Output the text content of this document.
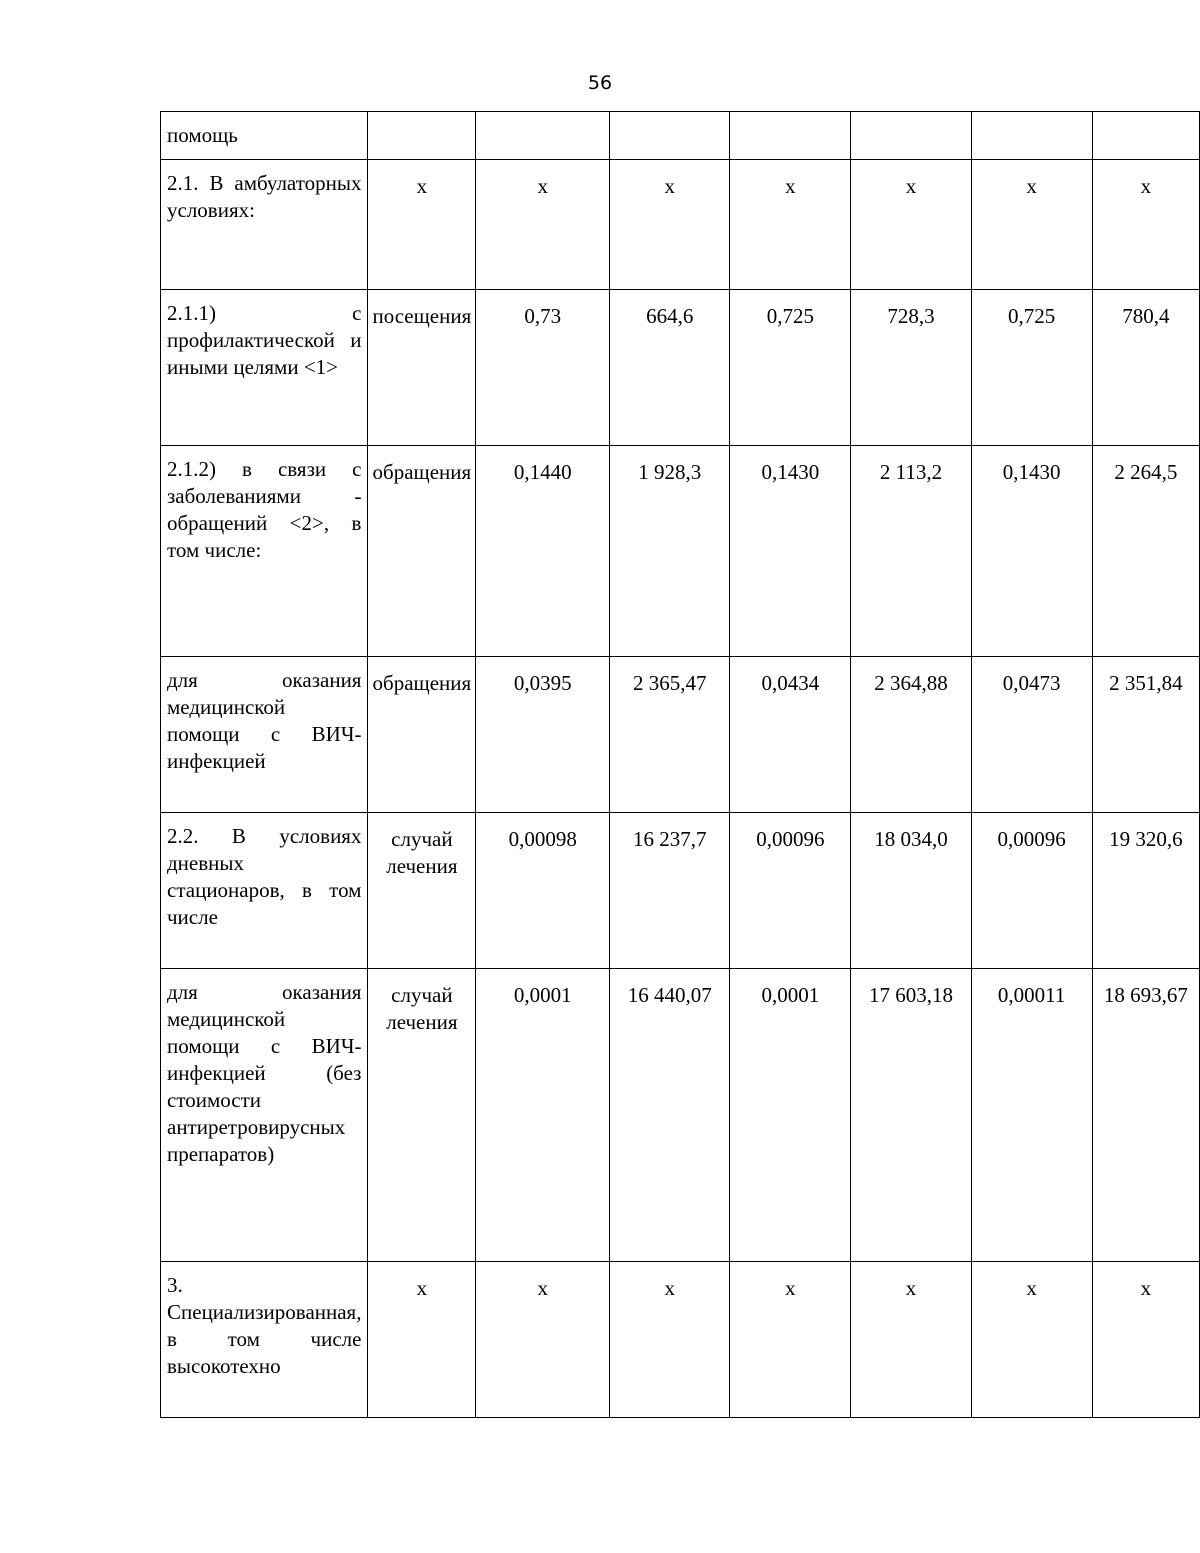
56
помощь							
2.1. В амбулаторных условиях:	х	х	х	х	х	х	х
2.1.1) с профилактической и иными целями <1>	посещения	0,73	664,6	0,725	728,3	0,725	780,4
2.1.2) в связи с заболеваниями - обращений <2>, в том числе:	обращения	0,1440	1 928,3	0,1430	2 113,2	0,1430	2 264,5
для оказания медицинской помощи с ВИЧ-инфекцией	обращения	0,0395	2 365,47	0,0434	2 364,88	0,0473	2 351,84
2.2. В условиях дневных стационаров, в том числе	случай лечения	0,00098	16 237,7	0,00096	18 034,0	0,00096	19 320,6
для оказания медицинской помощи с ВИЧ-инфекцией (без стоимости антиретровирусных препаратов)	случай лечения	0,0001	16 440,07	0,0001	17 603,18	0,00011	18 693,67
3. Специализированная, в том числе высокотехно	х	х	х	х	х	х	х
